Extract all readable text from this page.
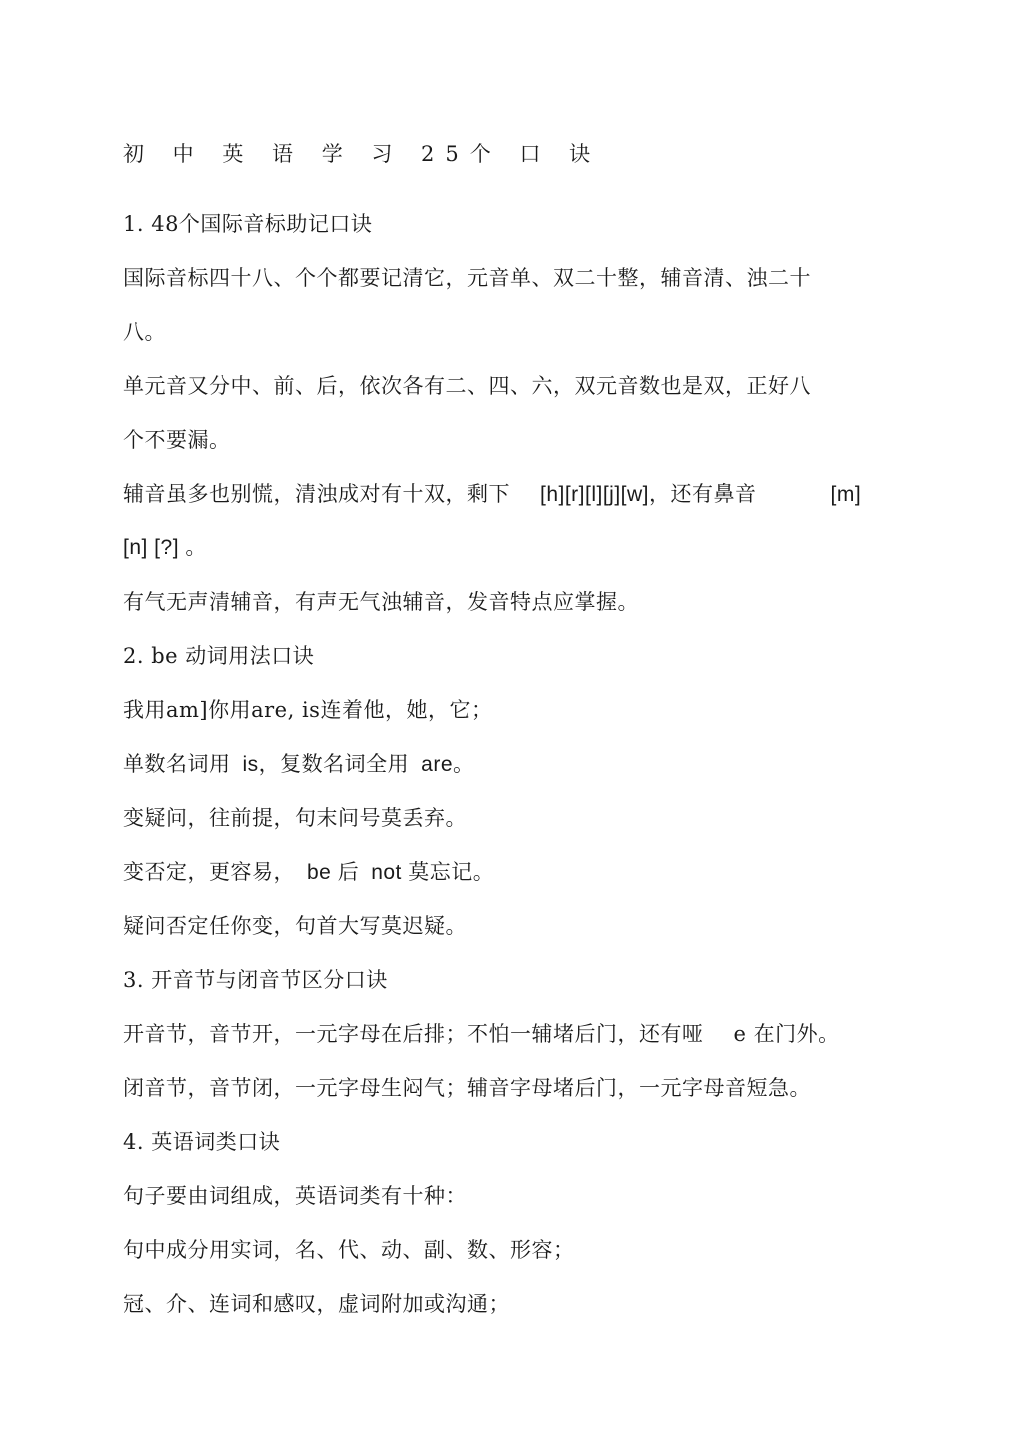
初 中 英 语 学 习 25个 口 诀
1. 48个国际音标助记口诀
国际音标四十八、个个都要记清它，元音单、双二十整，辅音清、浊二十
八。
单元音又分中、前、后，依次各有二、四、六，双元音数也是双，正好八
个不要漏。
辅音虽多也别慌，清浊成对有十双，剩下 [h][r][l][j][w]，还有鼻音	[m]
[n] [?] 。
有气无声清辅音，有声无气浊辅音，发音特点应掌握。
2. be 动词用法口诀
我用am]你用are, is连着他，她，它；
单数名词用 is，复数名词全用 are。
变疑问，往前提，句末问号莫丢弃。
变否定，更容易， be 后 not 莫忘记。
疑问否定任你变，句首大写莫迟疑。
3. 开音节与闭音节区分口诀
开音节，音节开，一元字母在后排；不怕一辅堵后门，还有哑 e 在门外。
闭音节，音节闭，一元字母生闷气；辅音字母堵后门，一元字母音短急。
4. 英语词类口诀
句子要由词组成，英语词类有十种：
句中成分用实词，名、代、动、副、数、形容；
冠、介、连词和感叹，虚词附加或沟通；
